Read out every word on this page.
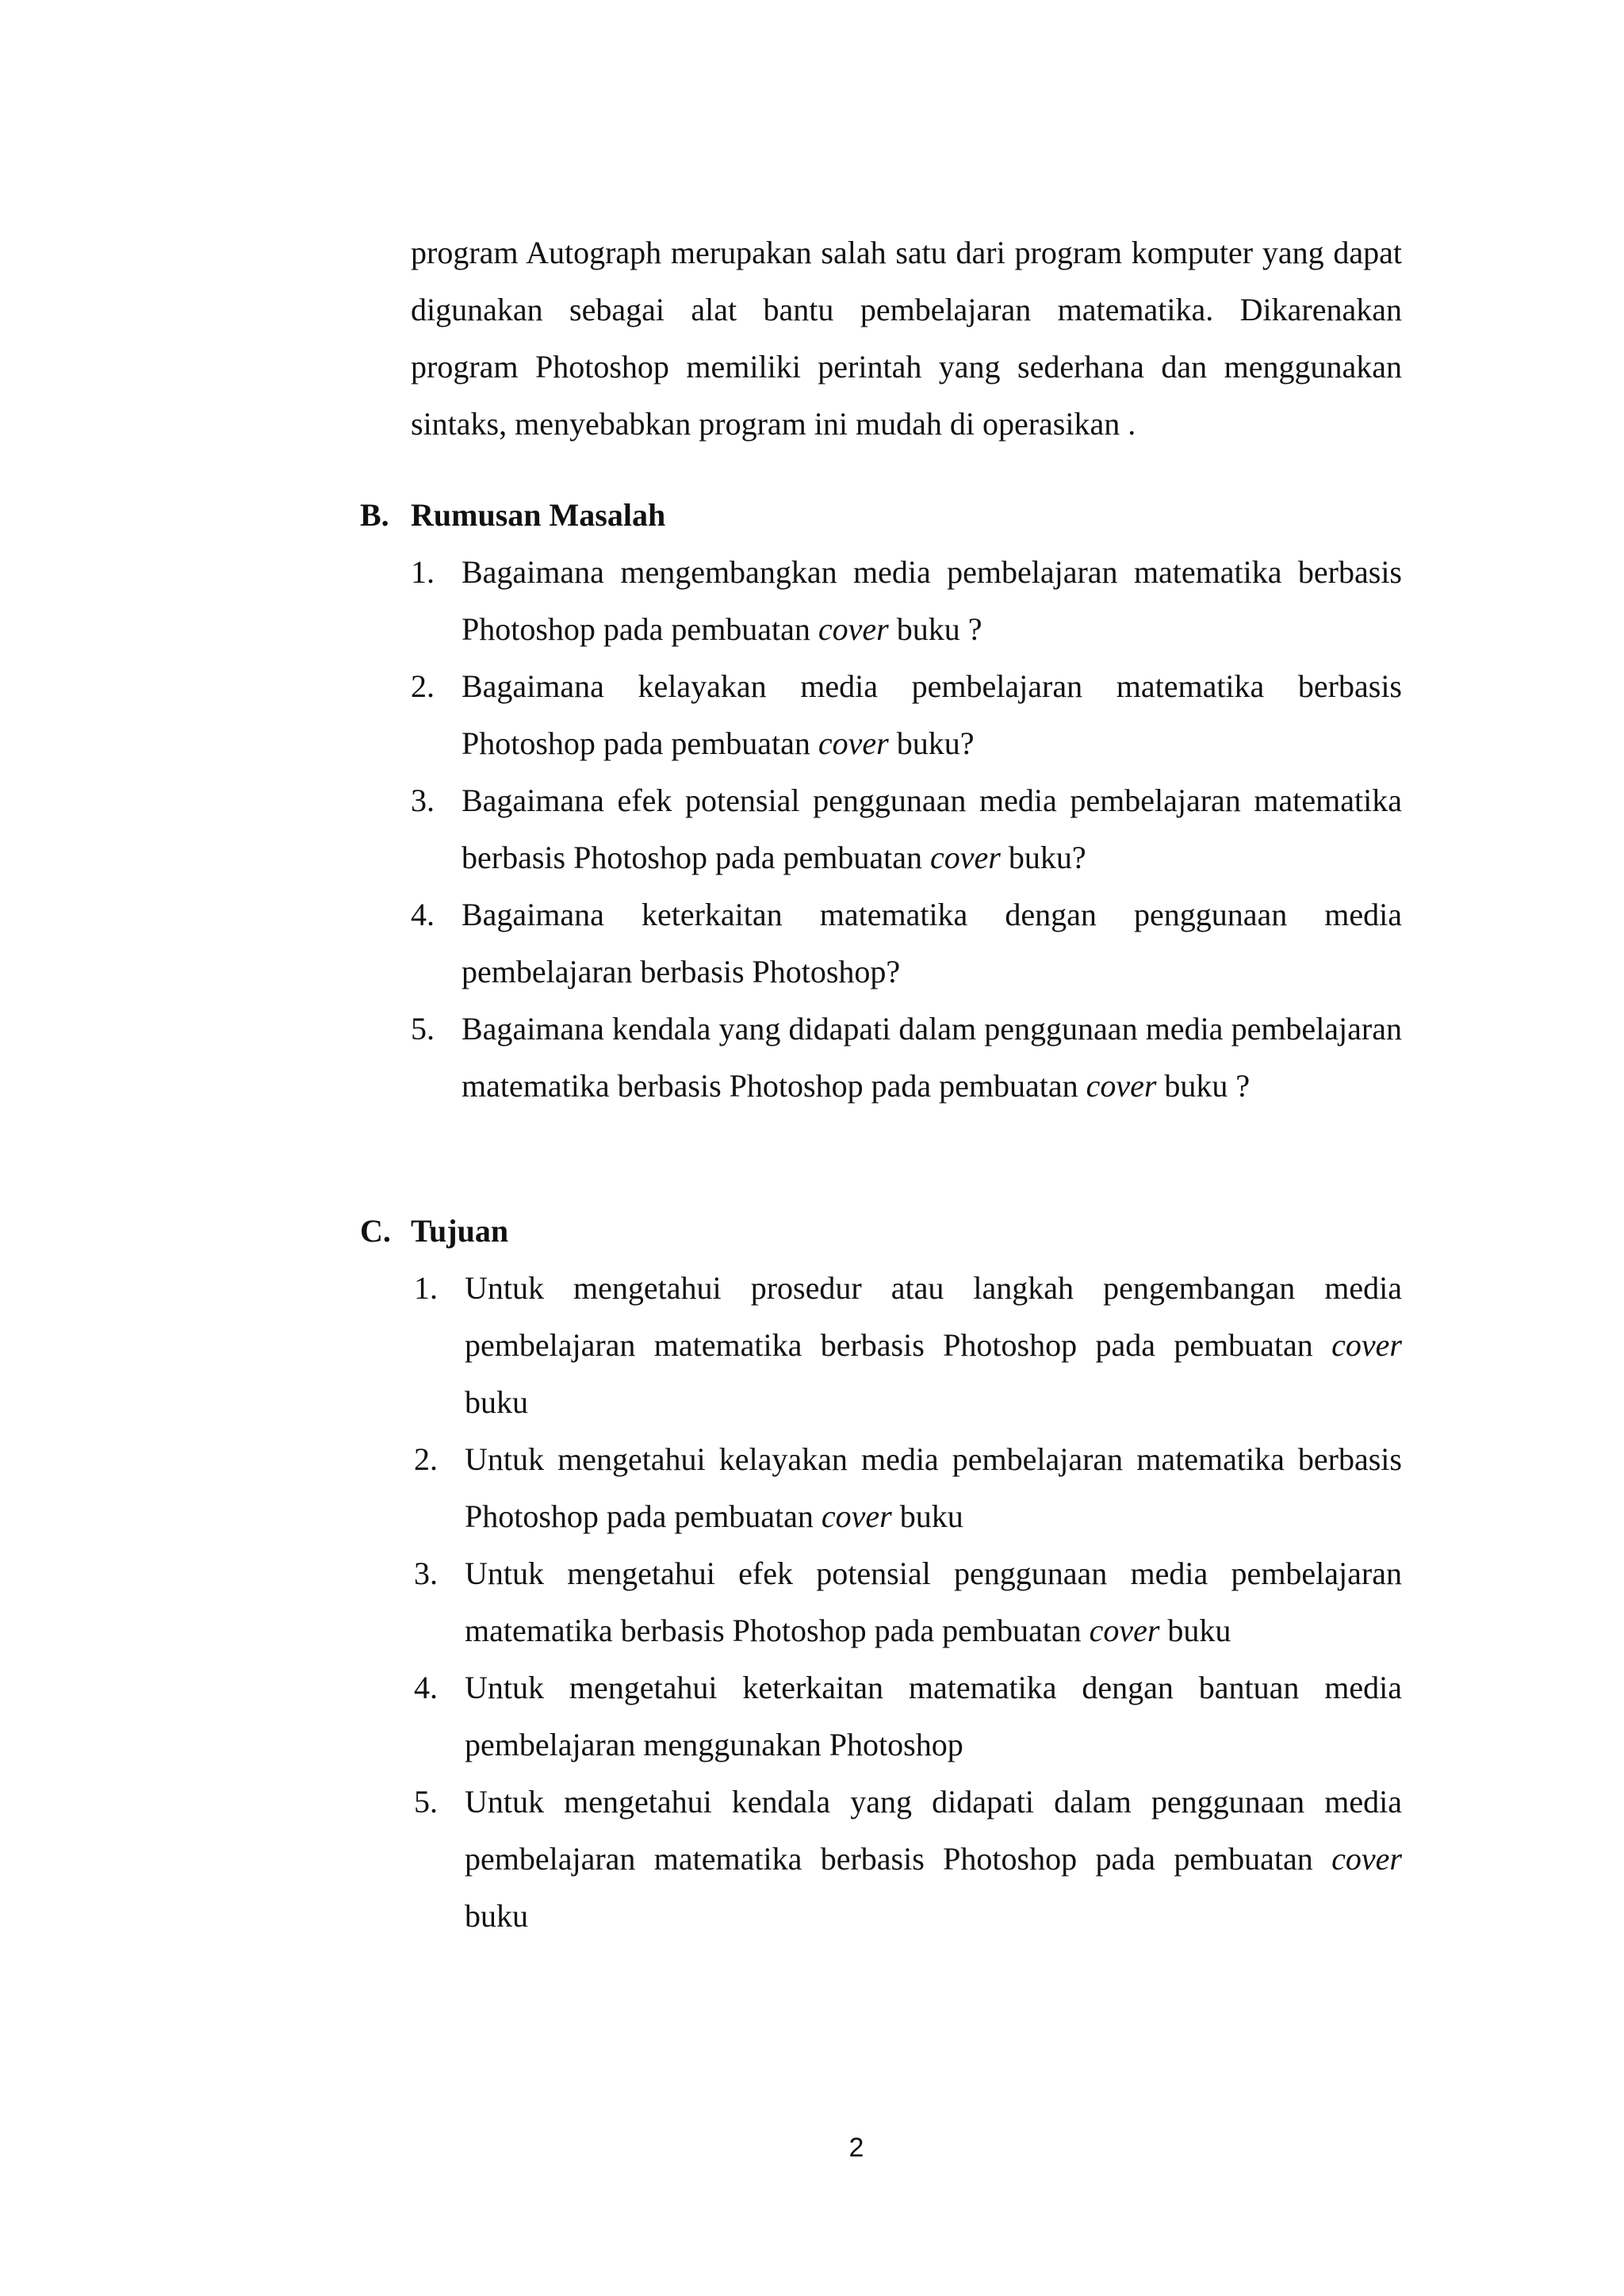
program Autograph merupakan salah satu dari program komputer yang dapat digunakan sebagai alat bantu pembelajaran matematika. Dikarenakan program Photoshop memiliki perintah yang sederhana dan menggunakan sintaks, menyebabkan program ini mudah di operasikan .

B. Rumusan Masalah
1. Bagaimana mengembangkan media pembelajaran matematika berbasis Photoshop pada pembuatan cover buku ?
2. Bagaimana kelayakan media pembelajaran matematika berbasis Photoshop pada pembuatan cover buku?
3. Bagaimana efek potensial penggunaan media pembelajaran matematika berbasis Photoshop pada pembuatan cover buku?
4. Bagaimana keterkaitan matematika dengan penggunaan media pembelajaran berbasis Photoshop?
5. Bagaimana kendala yang didapati dalam penggunaan media pembelajaran matematika berbasis Photoshop pada pembuatan cover buku ?
C. Tujuan
1. Untuk mengetahui prosedur atau langkah pengembangan media pembelajaran matematika berbasis Photoshop pada pembuatan cover buku
2. Untuk mengetahui kelayakan media pembelajaran matematika berbasis Photoshop pada pembuatan cover buku
3. Untuk mengetahui efek potensial penggunaan media pembelajaran matematika berbasis Photoshop pada pembuatan cover buku
4. Untuk mengetahui keterkaitan matematika dengan bantuan media pembelajaran menggunakan Photoshop
5. Untuk mengetahui kendala yang didapati dalam penggunaan media pembelajaran matematika berbasis Photoshop pada pembuatan cover buku
2
